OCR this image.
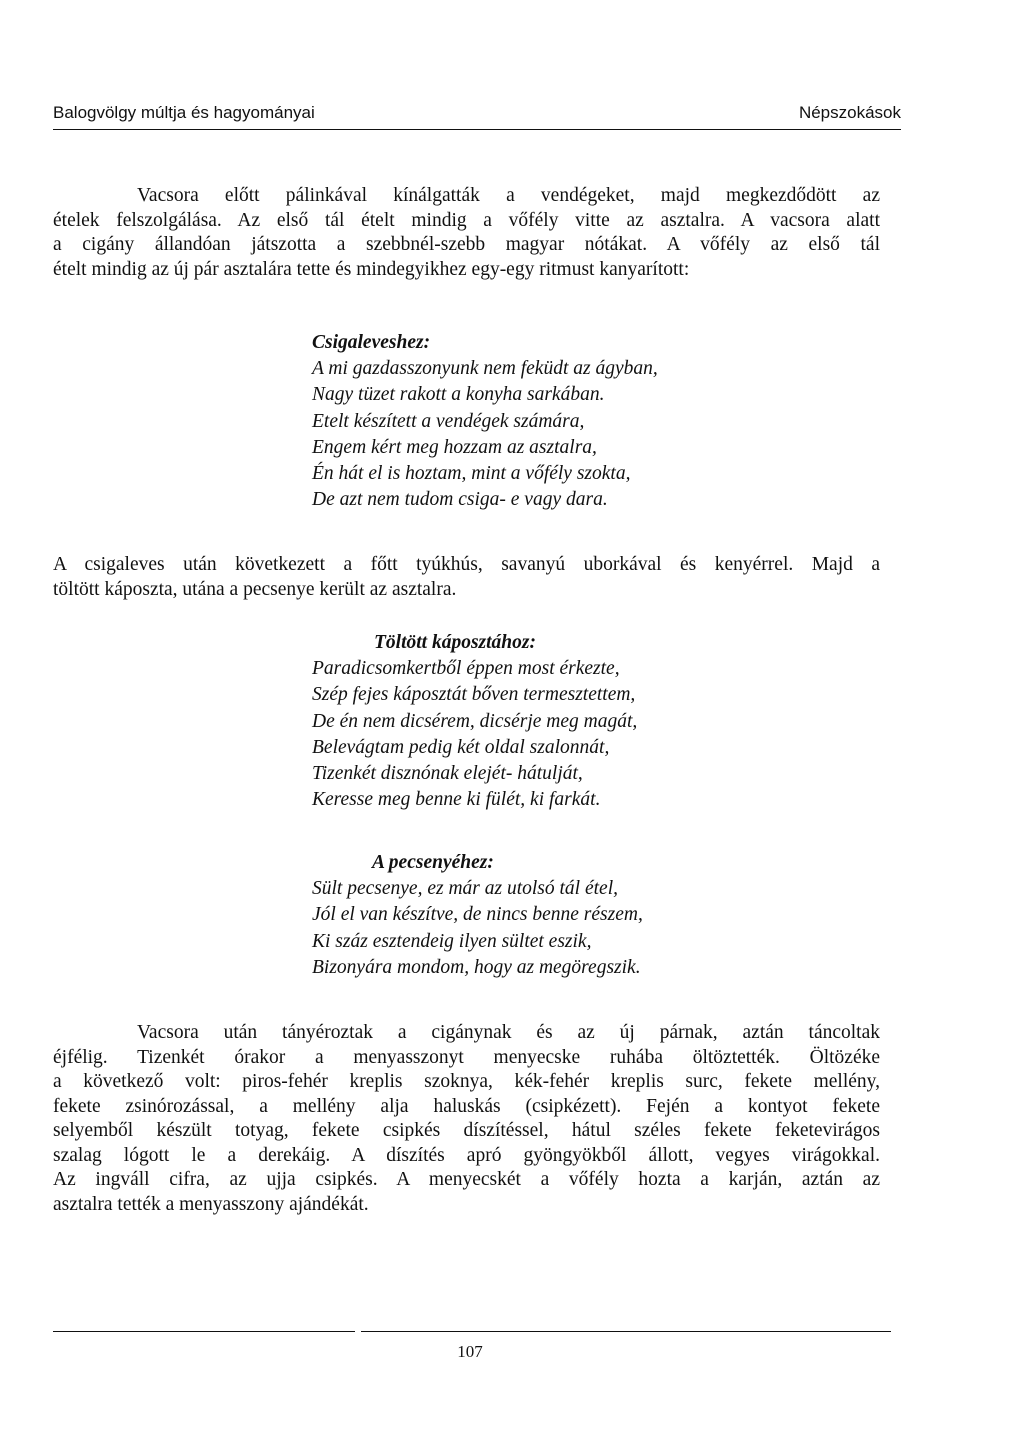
Balogvölgy múltja és hagyományai	Népszokások
Vacsora előtt pálinkával kínálgatták a vendégeket, majd megkezdődött az
ételek felszolgálása. Az első tál ételt mindig a vőfély vitte az asztalra. A vacsora alatt
a cigány állandóan játszotta a szebbnél-szebb magyar nótákat. A vőfély az első tál
ételt mindig az új pár asztalára tette és mindegyikhez egy-egy ritmust kanyarított:
Csigaleveshez:
A mi gazdasszonyunk nem feküdt az ágyban,
Nagy tüzet rakott a konyha sarkában.
Etelt készített a vendégek számára,
Engem kért meg hozzam az asztalra,
Én hát el is hoztam, mint a vőfély szokta,
De azt nem tudom csiga- e vagy dara.
A csigaleves után következett a főtt tyúkhús, savanyú uborkával és kenyérrel. Majd a
töltött káposzta, utána a pecsenye került az asztalra.
Töltött káposztához:
Paradicsomkertből éppen most érkezte,
Szép fejes káposztát bőven termesztettem,
De én nem dicsérem, dicsérje meg magát,
Belevágtam pedig két oldal szalonnát,
Tizenkét disznónak elejét- hátulját,
Keresse meg benne ki fülét, ki farkát.
A pecsenyéhez:
Sült pecsenye, ez már az utolsó tál étel,
Jól el van készítve, de nincs benne részem,
Ki száz esztendeig ilyen sültet eszik,
Bizonyára mondom, hogy az megöregszik.
Vacsora után tányéroztak a cigánynak és az új párnak, aztán táncoltak
éjfélig. Tizenkét órakor a menyasszonyt menyecske ruhába öltöztették. Öltözéke
a következő volt: piros-fehér kreplis szoknya, kék-fehér kreplis surc, fekete mellény,
fekete zsinórozással, a mellény alja haluskás (csipkézett). Fején a kontyot fekete
selyemből készült totyag, fekete csipkés díszítéssel, hátul széles fekete feketevirágos
szalag lógott le a derekáig. A díszítés apró gyöngyökből állott, vegyes virágokkal.
Az ingváll cifra, az ujja csipkés. A menyecskét a vőfély hozta a karján, aztán az
asztalra tették a menyasszony ajándékát.
107
